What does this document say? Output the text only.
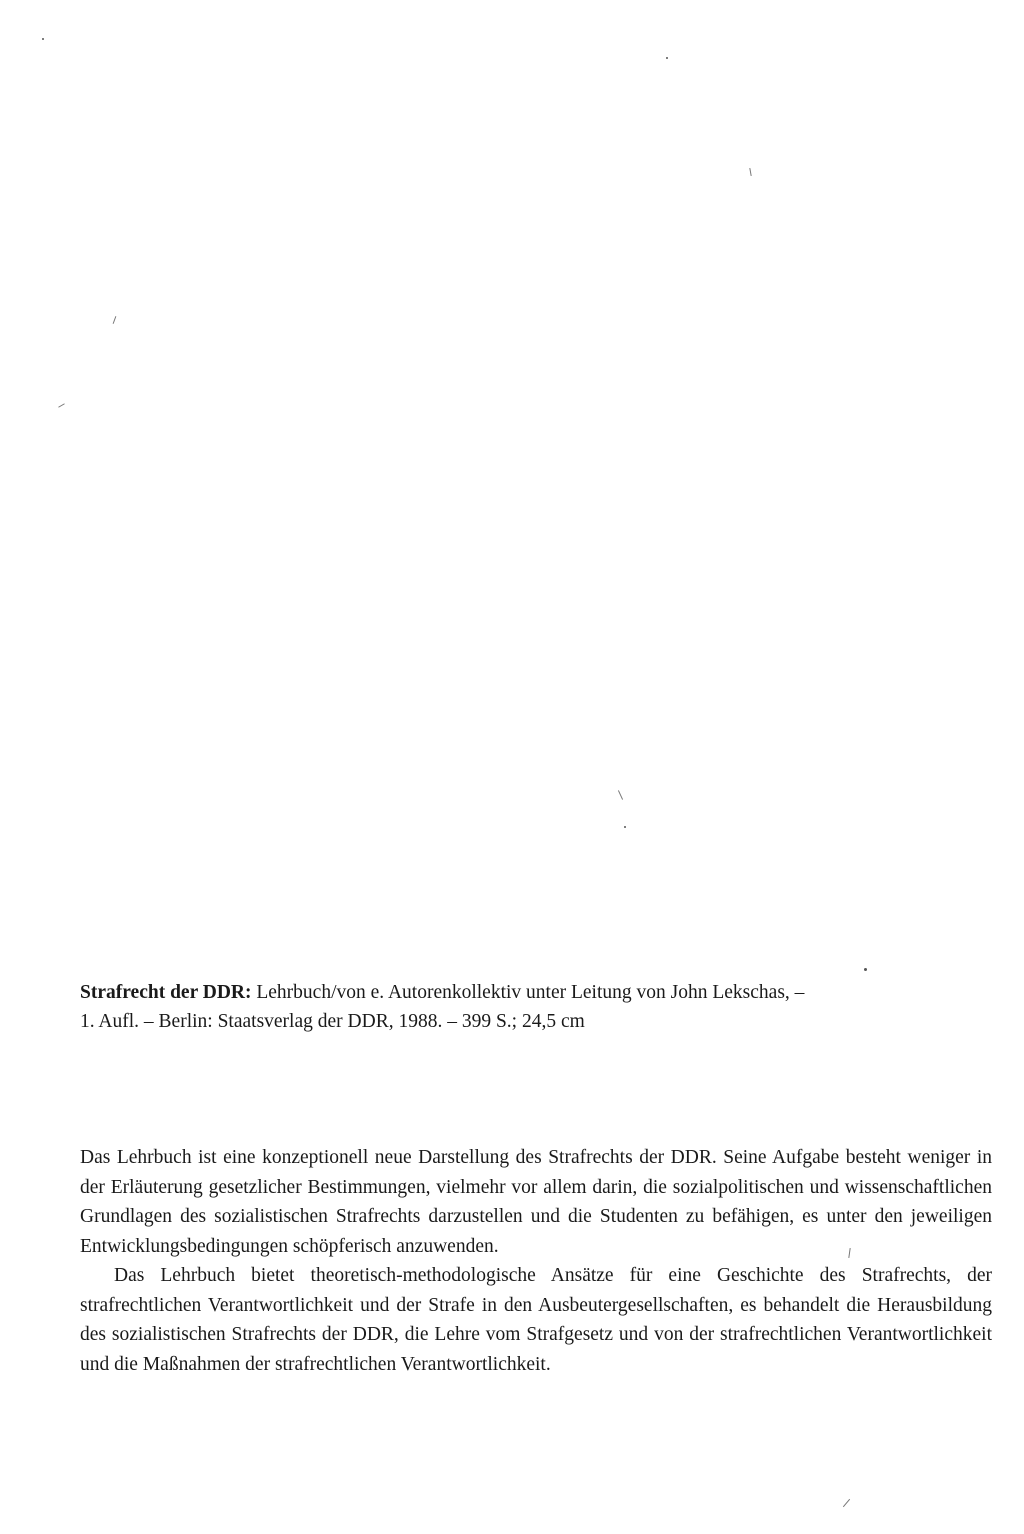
Strafrecht der DDR: Lehrbuch/von e. Autorenkollektiv unter Leitung von John Lekschas, –
1. Aufl. – Berlin: Staatsverlag der DDR, 1988. – 399 S.; 24,5 cm

Das Lehrbuch ist eine konzeptionell neue Darstellung des Strafrechts der DDR. Seine Aufgabe besteht weniger in der Erläuterung gesetzlicher Bestimmungen, vielmehr vor allem darin, die sozialpolitischen und wissenschaftlichen Grundlagen des sozialistischen Strafrechts darzustellen und die Studenten zu befähigen, es unter den jeweiligen Entwicklungsbedingungen schöpferisch anzuwenden.

Das Lehrbuch bietet theoretisch-methodologische Ansätze für eine Geschichte des Strafrechts, der strafrechtlichen Verantwortlichkeit und der Strafe in den Ausbeutergesellschaften, es behandelt die Herausbildung des sozialistischen Strafrechts der DDR, die Lehre vom Strafgesetz und von der strafrechtlichen Verantwortlichkeit und die Maßnahmen der strafrechtlichen Verantwortlichkeit.
